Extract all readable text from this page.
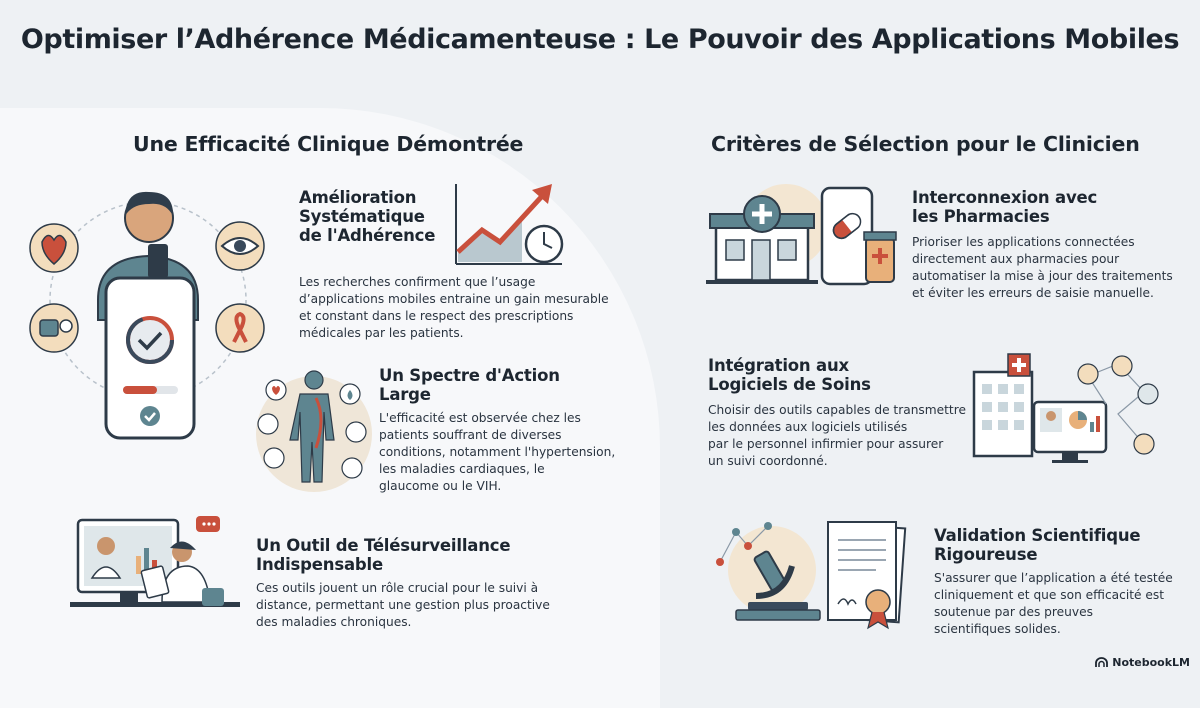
Optimiser l’Adhérence Médicamenteuse : Le Pouvoir des Applications Mobiles
Une Efficacité Clinique Démontrée
Amélioration
Systématique
de l'Adhérence

Les recherches confirment que l’usage
d’applications mobiles entraine un gain mesurable
et constant dans le respect des prescriptions
médicales par les patients.

Un Spectre d'Action
Large

L'efficacité est observée chez les
patients souffrant de diverses
conditions, notamment l'hypertension,
les maladies cardiaques, le
glaucome ou le VIH.

Un Outil de Télésurveillance
Indispensable

Ces outils jouent un rôle crucial pour le suivi à
distance, permettant une gestion plus proactive
des maladies chroniques.

Critères de Sélection pour le Clinicien
Interconnexion avec
les Pharmacies

Prioriser les applications connectées
directement aux pharmacies pour
automatiser la mise à jour des traitements
et éviter les erreurs de saisie manuelle.

Intégration aux
Logiciels de Soins

Choisir des outils capables de transmettre
les données aux logiciels utilisés
par le personnel infirmier pour assurer
un suivi coordonné.

Validation Scientifique
Rigoureuse

S'assurer que l’application a été testée
cliniquement et que son efficacité est
soutenue par des preuves
scientifiques solides.

NotebookLM
